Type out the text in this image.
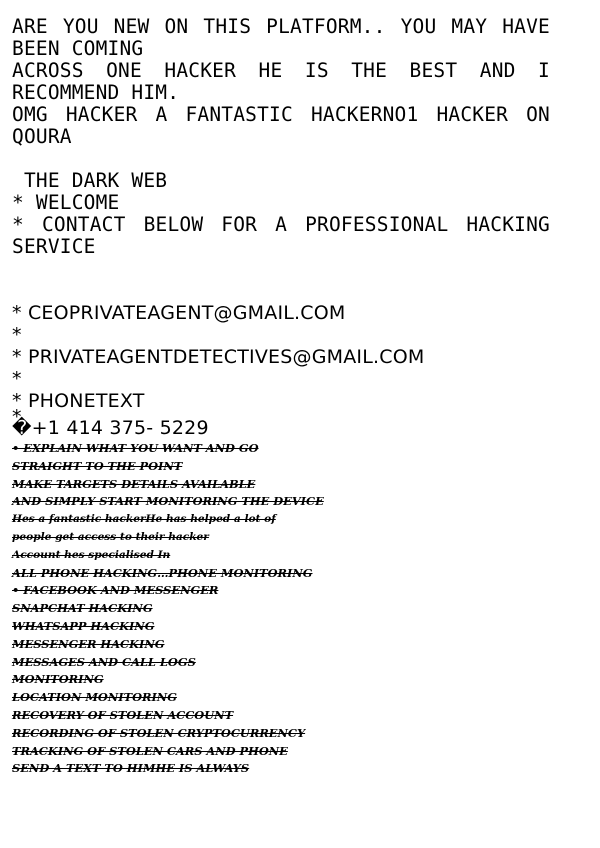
ARE YOU NEW ON THIS PLATFORM.. YOU MAY HAVE BEEN COMING
ACROSS ONE HACKER HE IS THE BEST AND I RECOMMEND HIM.
OMG HACKER A FANTASTIC HACKERNO1 HACKER ON QOURA
THE DARK WEB
* WELCOME
* CONTACT BELOW FOR A PROFESSIONAL HACKING SERVICE
* CEOPRIVATEAGENT@GMAIL.COM
*
* PRIVATEAGENTDETECTIVES@GMAIL.COM
*
* PHONETEXT
*
�+1 414 375- 5229
• EXPLAIN WHAT YOU WANT AND GO
STRAIGHT TO THE POINT
MAKE TARGETS DETAILS AVAILABLE
AND SIMPLY START MONITORING THE DEVICE
Hes a fantastic hackerHe has helped a lot of
people get access to their hacker
Account hes specialised In
ALL PHONE HACKING…PHONE MONITORING
• FACEBOOK AND MESSENGER
SNAPCHAT HACKING
WHATSAPP HACKING
MESSENGER HACKING
MESSAGES AND CALL LOGS
MONITORING
LOCATION MONITORING
RECOVERY OF STOLEN ACCOUNT
RECORDING OF STOLEN CRYPTOCURRENCY
TRACKING OF STOLEN CARS AND PHONE
SEND A TEXT TO HIMHE IS ALWAYS
